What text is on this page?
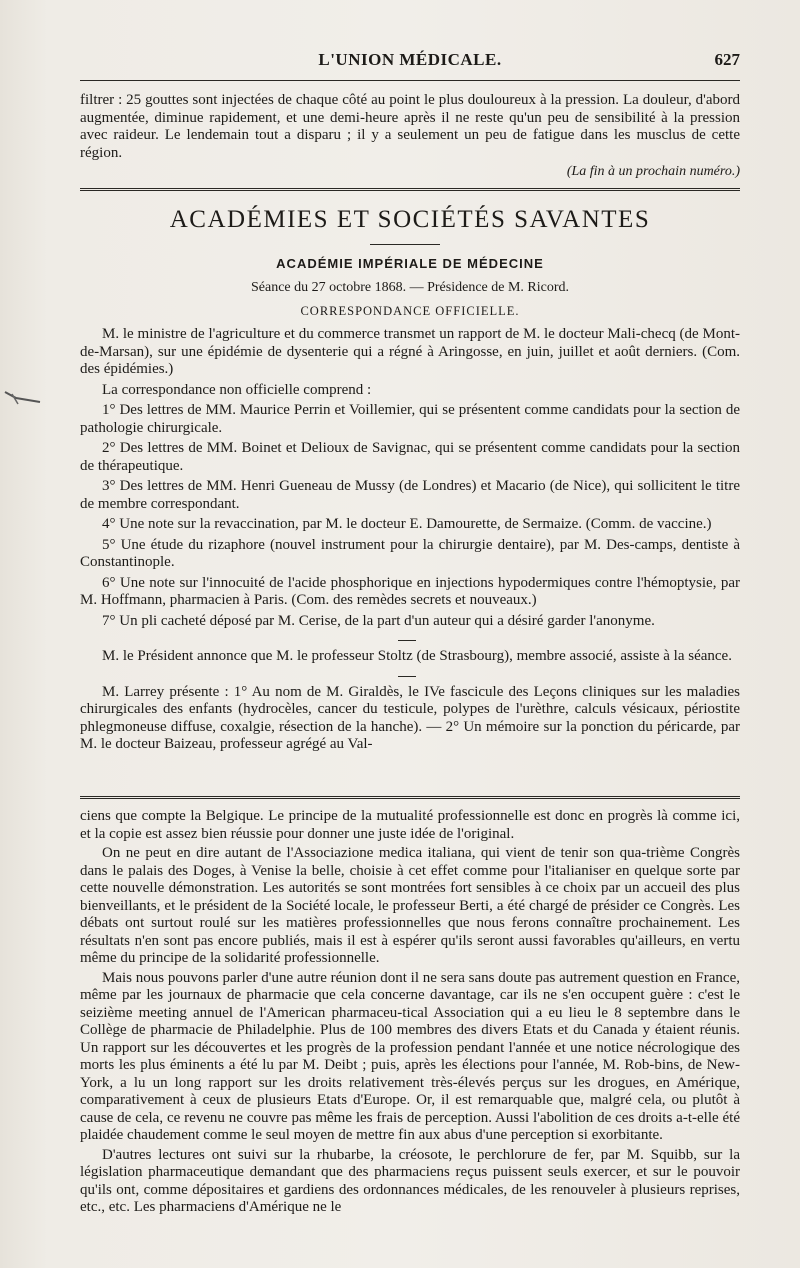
L'UNION MÉDICALE.	627

filtrer : 25 gouttes sont injectées de chaque côté au point le plus douloureux à la pression. La douleur, d'abord augmentée, diminue rapidement, et une demi-heure après il ne reste qu'un peu de sensibilité à la pression avec raideur. Le lendemain tout a disparu ; il y a seulement un peu de fatigue dans les musclus de cette région.

(La fin à un prochain numéro.)

ACADÉMIES ET SOCIÉTÉS SAVANTES
ACADÉMIE IMPÉRIALE DE MÉDECINE
Séance du 27 octobre 1868. — Présidence de M. Ricord.
CORRESPONDANCE OFFICIELLE.

M. le ministre de l'agriculture et du commerce transmet un rapport de M. le docteur Mali-checq (de Mont-de-Marsan), sur une épidémie de dysenterie qui a régné à Aringosse, en juin, juillet et août derniers. (Com. des épidémies.)

La correspondance non officielle comprend :

1° Des lettres de MM. Maurice Perrin et Voillemier, qui se présentent comme candidats pour la section de pathologie chirurgicale.

2° Des lettres de MM. Boinet et Delioux de Savignac, qui se présentent comme candidats pour la section de thérapeutique.

3° Des lettres de MM. Henri Gueneau de Mussy (de Londres) et Macario (de Nice), qui sollicitent le titre de membre correspondant.

4° Une note sur la revaccination, par M. le docteur E. Damourette, de Sermaize. (Comm. de vaccine.)

5° Une étude du rizaphore (nouvel instrument pour la chirurgie dentaire), par M. Des-camps, dentiste à Constantinople.

6° Une note sur l'innocuité de l'acide phosphorique en injections hypodermiques contre l'hémoptysie, par M. Hoffmann, pharmacien à Paris. (Com. des remèdes secrets et nouveaux.)

7° Un pli cacheté déposé par M. Cerise, de la part d'un auteur qui a désiré garder l'anonyme.

M. le Président annonce que M. le professeur Stoltz (de Strasbourg), membre associé, assiste à la séance.

M. Larrey présente : 1° Au nom de M. Giraldès, le IVe fascicule des Leçons cliniques sur les maladies chirurgicales des enfants (hydrocèles, cancer du testicule, polypes de l'urèthre, calculs vésicaux, périostite phlegmoneuse diffuse, coxalgie, résection de la hanche). — 2° Un mémoire sur la ponction du péricarde, par M. le docteur Baizeau, professeur agrégé au Val-

ciens que compte la Belgique. Le principe de la mutualité professionnelle est donc en progrès là comme ici, et la copie est assez bien réussie pour donner une juste idée de l'original.

On ne peut en dire autant de l'Associazione medica italiana, qui vient de tenir son qua-trième Congrès dans le palais des Doges, à Venise la belle, choisie à cet effet comme pour l'italianiser en quelque sorte par cette nouvelle démonstration. Les autorités se sont montrées fort sensibles à ce choix par un accueil des plus bienveillants, et le président de la Société locale, le professeur Berti, a été chargé de présider ce Congrès. Les débats ont surtout roulé sur les matières professionnelles que nous ferons connaître prochainement. Les résultats n'en sont pas encore publiés, mais il est à espérer qu'ils seront aussi favorables qu'ailleurs, en vertu même du principe de la solidarité professionnelle.

Mais nous pouvons parler d'une autre réunion dont il ne sera sans doute pas autrement question en France, même par les journaux de pharmacie que cela concerne davantage, car ils ne s'en occupent guère : c'est le seizième meeting annuel de l'American pharmaceu-tical Association qui a eu lieu le 8 septembre dans le Collège de pharmacie de Philadelphie. Plus de 100 membres des divers Etats et du Canada y étaient réunis. Un rapport sur les découvertes et les progrès de la profession pendant l'année et une notice nécrologique des morts les plus éminents a été lu par M. Deibt ; puis, après les élections pour l'année, M. Rob-bins, de New-York, a lu un long rapport sur les droits relativement très-élevés perçus sur les drogues, en Amérique, comparativement à ceux de plusieurs Etats d'Europe. Or, il est remarquable que, malgré cela, ou plutôt à cause de cela, ce revenu ne couvre pas même les frais de perception. Aussi l'abolition de ces droits a-t-elle été plaidée chaudement comme le seul moyen de mettre fin aux abus d'une perception si exorbitante.

D'autres lectures ont suivi sur la rhubarbe, la créosote, le perchlorure de fer, par M. Squibb, sur la législation pharmaceutique demandant que des pharmaciens reçus puissent seuls exercer, et sur le pouvoir qu'ils ont, comme dépositaires et gardiens des ordonnances médicales, de les renouveler à plusieurs reprises, etc., etc. Les pharmaciens d'Amérique ne le
